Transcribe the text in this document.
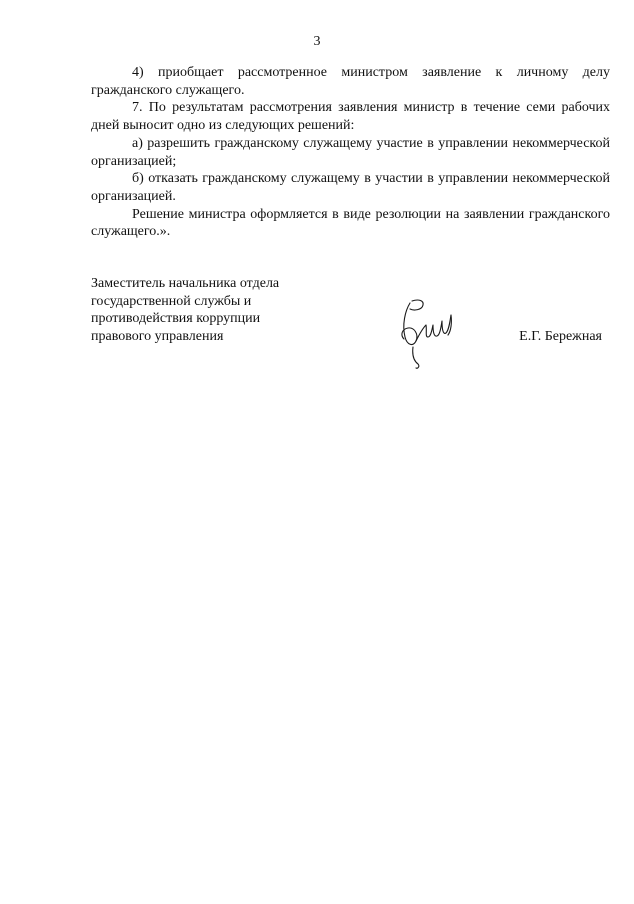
3

4) приобщает рассмотренное министром заявление к личному делу гражданского служащего.

7. По результатам рассмотрения заявления министр в течение семи рабочих дней выносит одно из следующих решений:

а) разрешить гражданскому служащему участие в управлении некоммерческой организацией;

б) отказать гражданскому служащему в участии в управлении некоммерческой организацией.

Решение министра оформляется в виде резолюции на заявлении гражданского служащего.».

Заместитель начальника отдела
государственной службы и
противодействия коррупции
правового управления	Е.Г. Бережная
